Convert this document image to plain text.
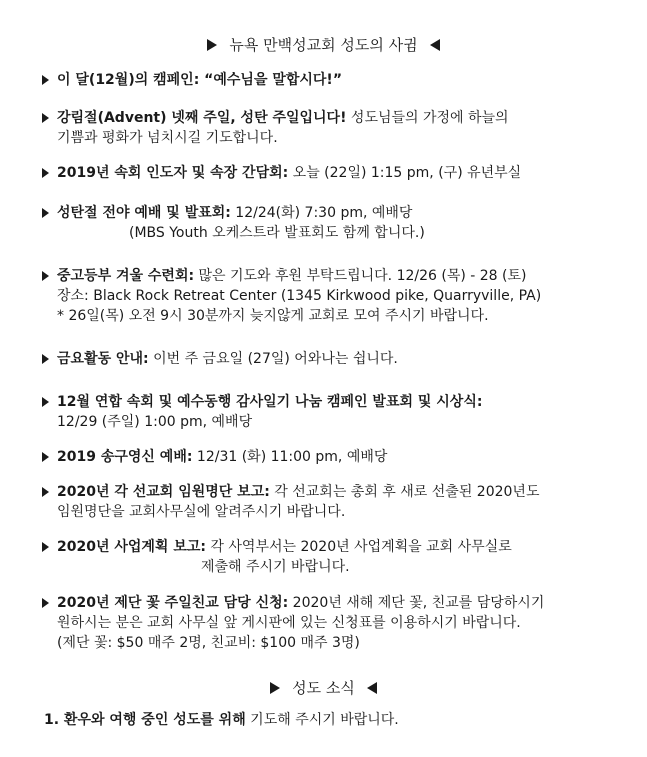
뉴욕 만백성교회 성도의 사귐
이 달(12월)의 캠페인: “예수님을 말합시다!”
강림절(Advent) 넷째 주일, 성탄 주일입니다! 성도님들의 가정에 하늘의
기쁨과 평화가 넘치시길 기도합니다.
2019년 속회 인도자 및 속장 간담회: 오늘 (22일) 1:15 pm, (구) 유년부실
성탄절 전야 예배 및 발표회: 12/24(화) 7:30 pm, 예배당
(MBS Youth 오케스트라 발표회도 함께 합니다.)
중고등부 겨울 수련회: 많은 기도와 후원 부탁드립니다. 12/26 (목) - 28 (토)
장소: Black Rock Retreat Center (1345 Kirkwood pike, Quarryville, PA)
* 26일(목) 오전 9시 30분까지 늦지않게 교회로 모여 주시기 바랍니다.
금요활동 안내: 이번 주 금요일 (27일) 어와나는 쉽니다.
12월 연합 속회 및 예수동행 감사일기 나눔 캠페인 발표회 및 시상식:
12/29 (주일) 1:00 pm, 예배당
2019 송구영신 예배: 12/31 (화) 11:00 pm, 예배당
2020년 각 선교회 임원명단 보고: 각 선교회는 총회 후 새로 선출된 2020년도
임원명단을 교회사무실에 알려주시기 바랍니다.
2020년 사업계획 보고: 각 사역부서는 2020년 사업계획을 교회 사무실로
제출해 주시기 바랍니다.
2020년 제단 꽃 주일친교 담당 신청: 2020년 새해 제단 꽃, 친교를 담당하시기
원하시는 분은 교회 사무실 앞 게시판에 있는 신청표를 이용하시기 바랍니다.
(제단 꽃: $50 매주 2명, 친교비: $100 매주 3명)
성도 소식
1. 환우와 여행 중인 성도를 위해 기도해 주시기 바랍니다.
